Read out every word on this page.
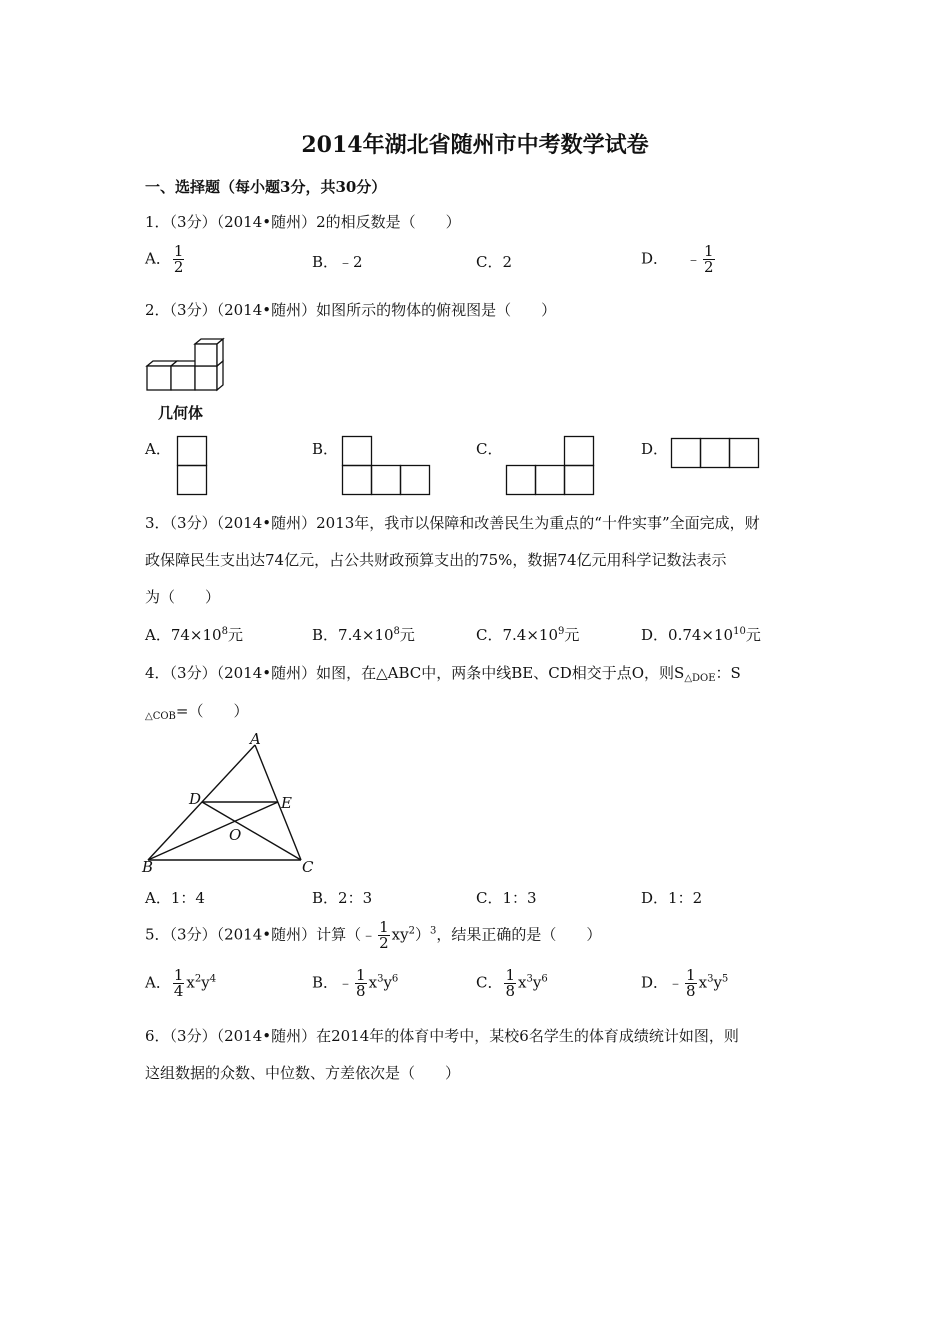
2014年湖北省随州市中考数学试卷
一、选择题（每小题3分，共30分）
1．（3分）（2014•随州）2的相反数是（　　）
A． $\frac{1}{2}$	B．﹣2	C．2	D． ﹣ $\frac{1}{2}$
2．（3分）（2014•随州）如图所示的物体的俯视图是（　　）
几何体
A．	B．	C．	D．
3．（3分）（2014•随州）2013年，我市以保障和改善民生为重点的“十件实事”全面完成，财
政保障民生支出达74亿元，占公共财政预算支出的75%，数据74亿元用科学记数法表示
为（　　）
A．$74\times 10^8$元	B．$7.4\times 10^8$元	C．$7.4\times 10^9$元	D．$0.74\times 10^{10}$元
4．（3分）（2014•随州）如图，在△ABC中，两条中线BE、CD相交于点O，则$S_{\triangle DOE}$：S
$_{\triangle COB}$=（　　）
A
D	E
O
B	C
A．1：4	B．2：3	C．1：3	D．1：2
5．（3分）（2014•随州）计算（﹣ $\frac{1}{2} xy^2)^3$，结果正确的是（　　）
A． $\frac{1}{4} x^2y^4$	B．﹣ $\frac{1}{8} x^3y^6$	C． $\frac{1}{8} x^3y^6$	D．﹣ $\frac{1}{8} x^3y^5$
6．（3分）（2014•随州）在2014年的体育中考中，某校6名学生的体育成绩统计如图，则
这组数据的众数、中位数、方差依次是（　　）
